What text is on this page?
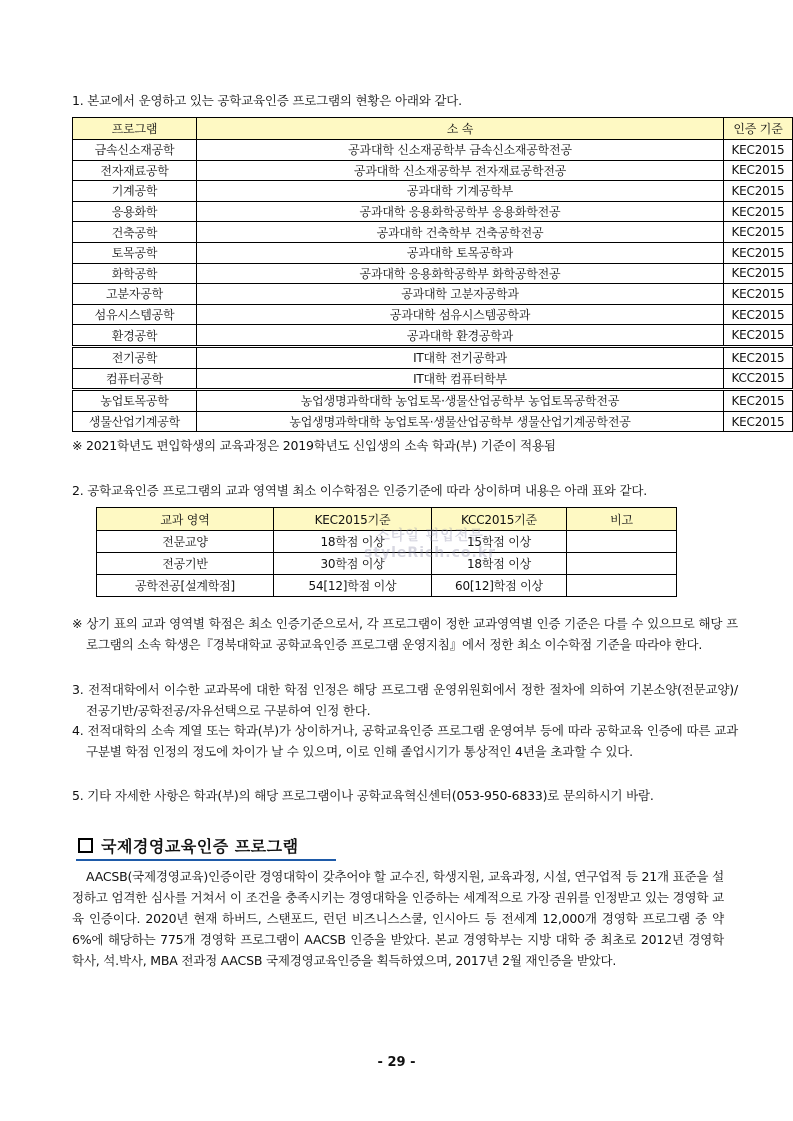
1. 본교에서 운영하고 있는 공학교육인증 프로그램의 현황은 아래와 같다.

프로그램	소 속	인증 기준
금속신소재공학	공과대학 신소재공학부 금속신소재공학전공	KEC2015
전자재료공학	공과대학 신소재공학부 전자재료공학전공	KEC2015
기계공학	공과대학 기계공학부	KEC2015
응용화학	공과대학 응용화학공학부 응용화학전공	KEC2015
건축공학	공과대학 건축학부 건축공학전공	KEC2015
토목공학	공과대학 토목공학과	KEC2015
화학공학	공과대학 응용화학공학부 화학공학전공	KEC2015
고분자공학	공과대학 고분자공학과	KEC2015
섬유시스템공학	공과대학 섬유시스템공학과	KEC2015
환경공학	공과대학 환경공학과	KEC2015
전기공학	IT대학 전기공학과	KEC2015
컴퓨터공학	IT대학 컴퓨터학부	KCC2015
농업토목공학	농업생명과학대학 농업토목·생물산업공학부 농업토목공학전공	KEC2015
생물산업기계공학	농업생명과학대학 농업토목·생물산업공학부 생물산업기계공학전공	KEC2015

※ 2021학년도 편입학생의 교육과정은 2019학년도 신입생의 소속 학과(부) 기준이 적용됨

2. 공학교육인증 프로그램의 교과 영역별 최소 이수학점은 인증기준에 따라 상이하며 내용은 아래 표와 같다.

교과 영역	KEC2015기준	KCC2015기준	비고
전문교양	18학점 이상	15학점 이상	
전공기반	30학점 이상	18학점 이상	
공학전공[설계학점]	54[12]학점 이상	60[12]학점 이상	
스타일 편입전문
styleRich.co.kr

※ 상기 표의 교과 영역별 학점은 최소 인증기준으로서, 각 프로그램이 정한 교과영역별 인증 기준은 다를 수 있으므로 해당 프로그램의 소속 학생은『경북대학교 공학교육인증 프로그램 운영지침』에서 정한 최소 이수학점 기준을 따라야 한다.

3. 전적대학에서 이수한 교과목에 대한 학점 인정은 해당 프로그램 운영위원회에서 정한 절차에 의하여 기본소양(전문교양)/전공기반/공학전공/자유선택으로 구분하여 인정 한다.

4. 전적대학의 소속 계열 또는 학과(부)가 상이하거나, 공학교육인증 프로그램 운영여부 등에 따라 공학교육 인증에 따른 교과구분별 학점 인정의 정도에 차이가 날 수 있으며, 이로 인해 졸업시기가 통상적인 4년을 초과할 수 있다.

5. 기타 자세한 사항은 학과(부)의 해당 프로그램이나 공학교육혁신센터(053-950-6833)로 문의하시기 바람.

국제경영교육인증 프로그램

AACSB(국제경영교육)인증이란 경영대학이 갖추어야 할 교수진, 학생지원, 교육과정, 시설, 연구업적 등 21개 표준을 설정하고 엄격한 심사를 거쳐서 이 조건을 충족시키는 경영대학을 인증하는 세계적으로 가장 권위를 인정받고 있는 경영학 교육 인증이다. 2020년 현재 하버드, 스탠포드, 런던 비즈니스스쿨, 인시아드 등 전세계 12,000개 경영학 프로그램 중 약 6%에 해당하는 775개 경영학 프로그램이 AACSB 인증을 받았다. 본교 경영학부는 지방 대학 중 최초로 2012년 경영학 학사, 석.박사, MBA 전과정 AACSB 국제경영교육인증을 획득하였으며, 2017년 2월 재인증을 받았다.

- 29 -
